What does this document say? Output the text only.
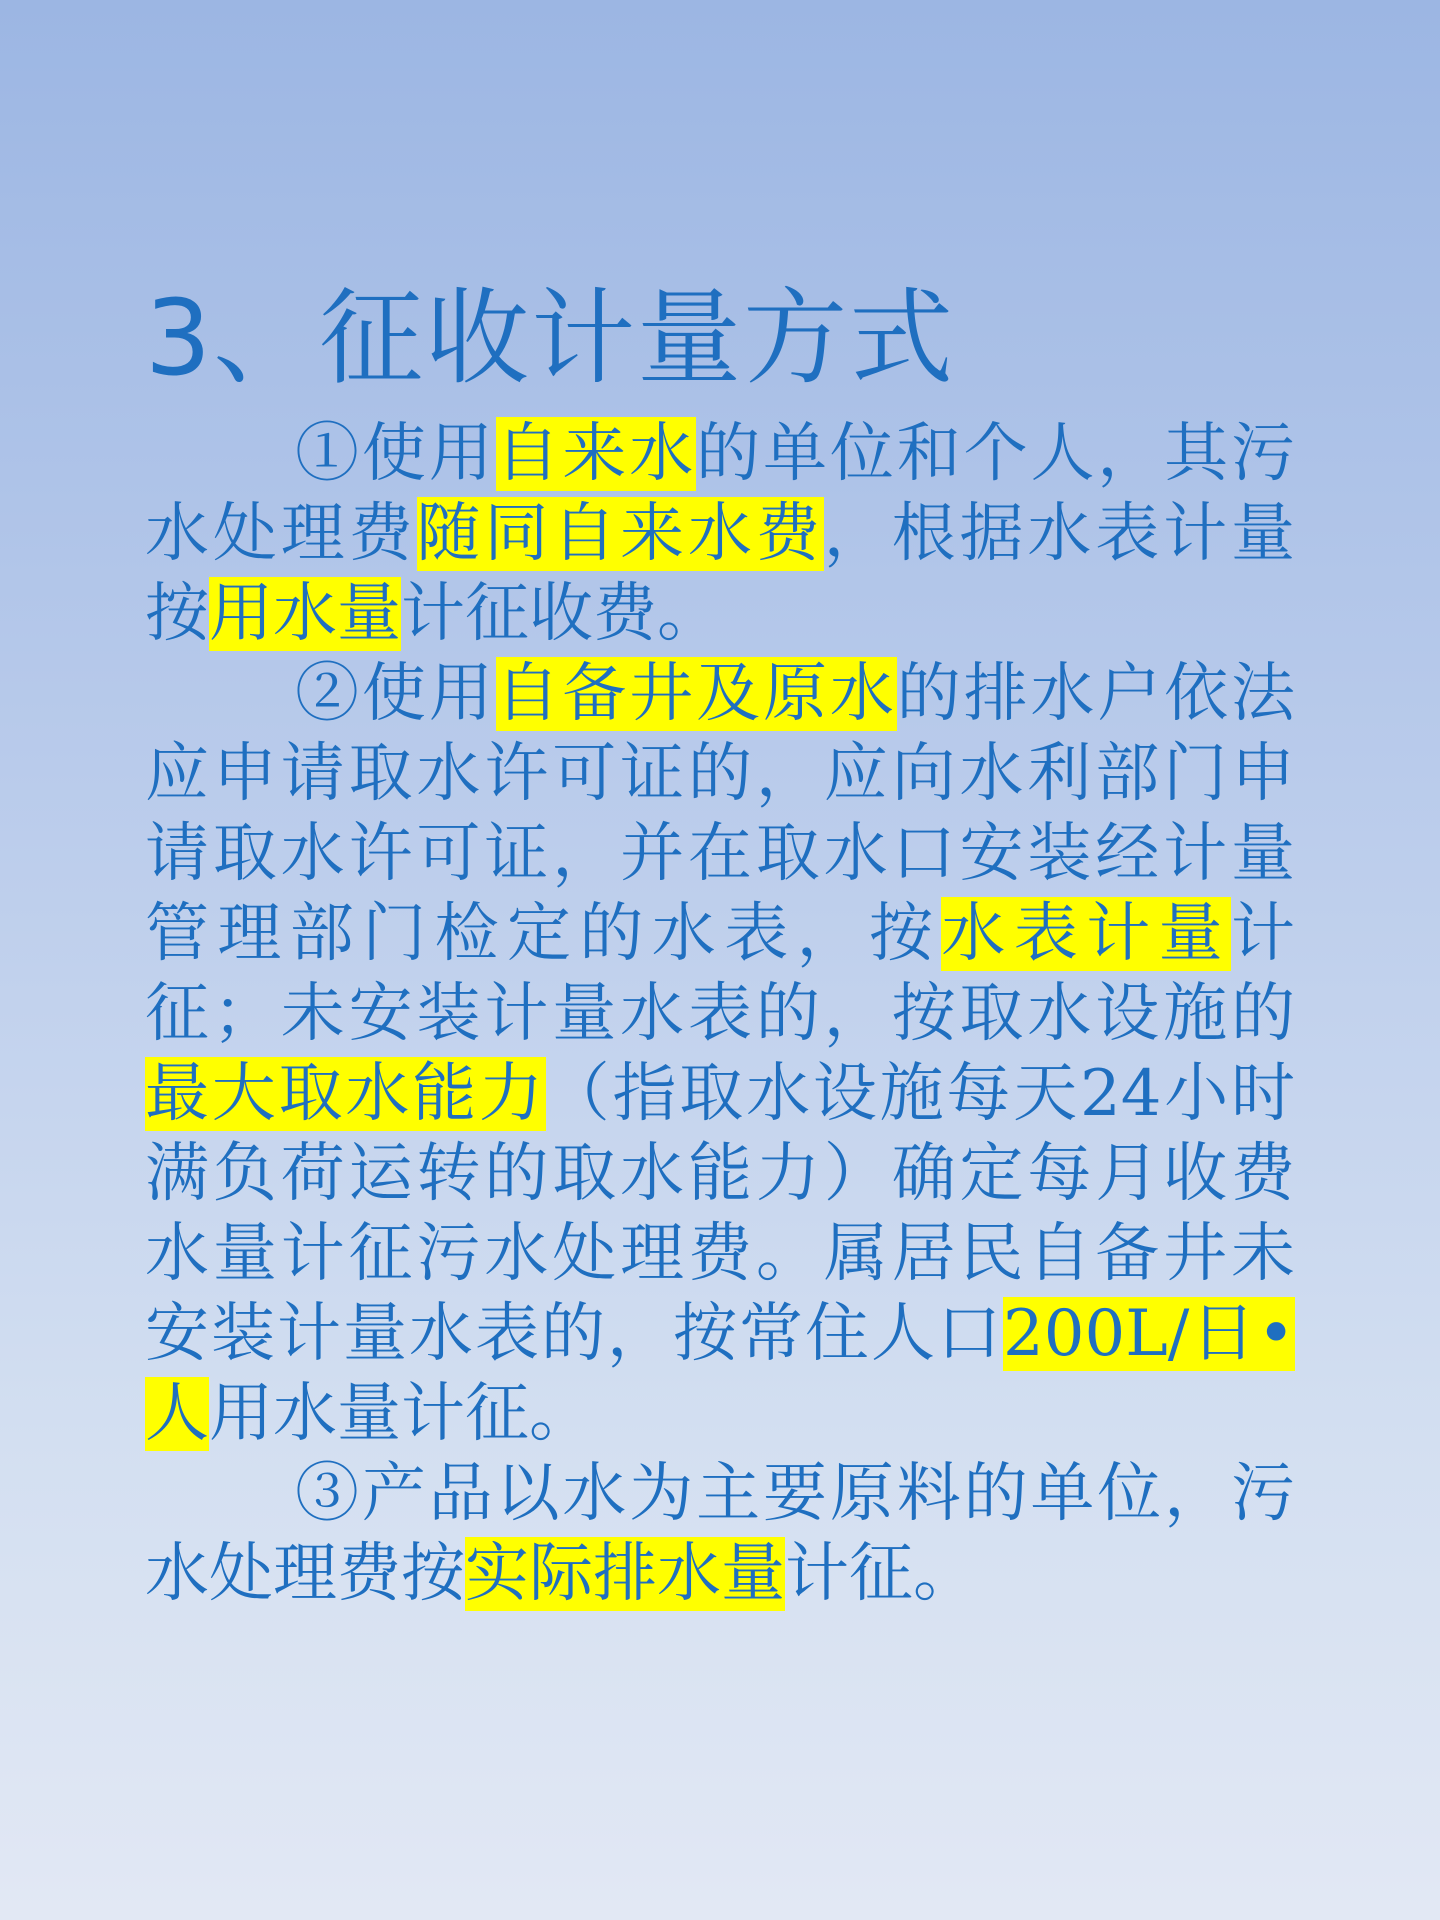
3、征收计量方式

①使用自来水的单位和个人，其污水处理费随同自来水费，根据水表计量按用水量计征收费。

②使用自备井及原水的排水户依法应申请取水许可证的，应向水利部门申请取水许可证，并在取水口安装经计量管理部门检定的水表，按水表计量计征；未安装计量水表的，按取水设施的最大取水能力（指取水设施每天24小时满负荷运转的取水能力）确定每月收费水量计征污水处理费。属居民自备井未安装计量水表的，按常住人口200L/日•人用水量计征。

③产品以水为主要原料的单位，污水处理费按实际排水量计征。
